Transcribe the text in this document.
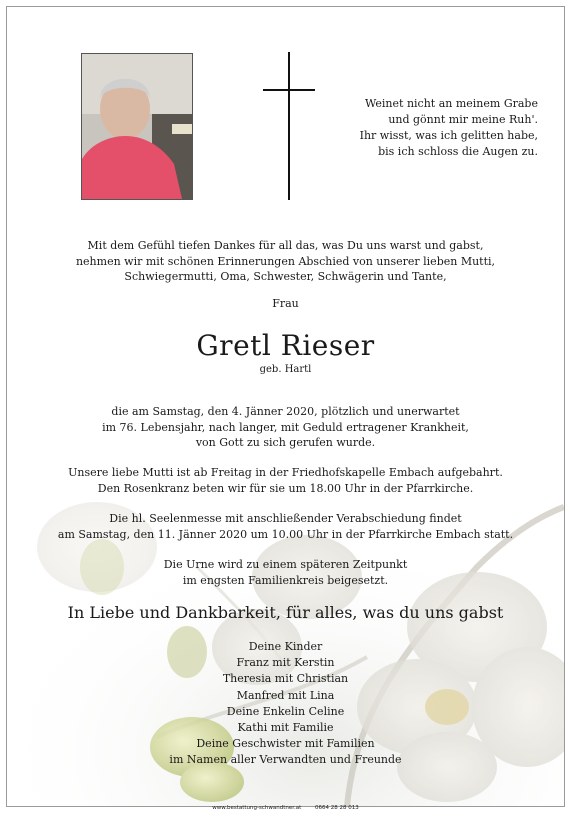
Weinet nicht an meinem Grabe
und gönnt mir meine Ruh'.
Ihr wisst, was ich gelitten habe,
bis ich schloss die Augen zu.
Mit dem Gefühl tiefen Dankes für all das, was Du uns warst und gabst,
nehmen wir mit schönen Erinnerungen Abschied von unserer lieben Mutti,
Schwiegermutti, Oma, Schwester, Schwägerin und Tante,
Frau
Gretl Rieser
geb. Hartl
die am Samstag, den 4. Jänner 2020, plötzlich und unerwartet
im 76. Lebensjahr, nach langer, mit Geduld ertragener Krankheit,
von Gott zu sich gerufen wurde.
Unsere liebe Mutti ist ab Freitag in der Friedhofskapelle Embach aufgebahrt.
Den Rosenkranz beten wir für sie um 18.00 Uhr in der Pfarrkirche.
Die hl. Seelenmesse mit anschließender Verabschiedung findet
am Samstag, den 11. Jänner 2020 um 10.00 Uhr in der Pfarrkirche Embach statt.
Die Urne wird zu einem späteren Zeitpunkt
im engsten Familienkreis beigesetzt.
In Liebe und Dankbarkeit, für alles, was du uns gabst
Deine Kinder
Franz mit Kerstin
Theresia mit Christian
Manfred mit Lina
Deine Enkelin Celine
Kathi mit Familie
Deine Geschwister mit Familien
im Namen aller Verwandten und Freunde
www.bestattung-schwandtner.at	0664 28 28 013
